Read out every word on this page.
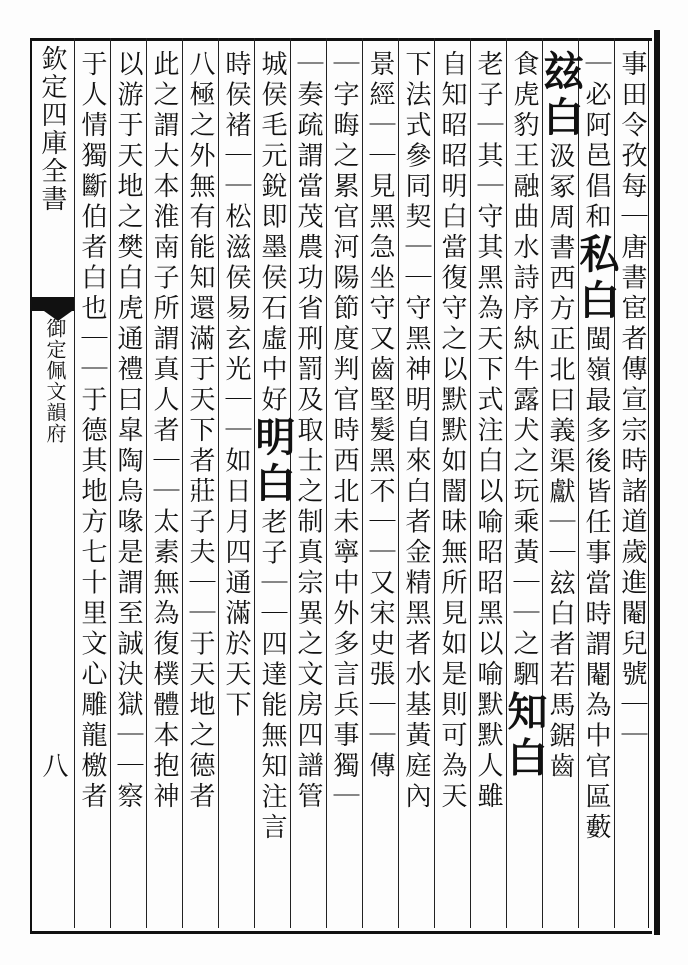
欽定四庫全書
御定佩文韻府
八
事田令孜每｜唐書宦者傳宣宗時諸道歲進閹兒號｜｜
｜必阿邑倡和私白閩嶺最多後皆任事當時謂閹為中官區藪
玆白汲冢周書西方正北曰義渠獻｜｜玆白者若馬鋸齒
食虎豹王融曲水詩序紈牛露犬之玩乘黃｜｜之駟知白
老子｜其｜守其黑為天下式注白以喻昭昭黑以喻默默人雖
自知昭昭明白當復守之以默默如闇昧無所見如是則可為天
下法式參同契｜｜守黑神明自來白者金精黑者水基黃庭內
景經｜｜見黑急坐守又齒堅髮黑不｜｜又宋史張｜｜傳
｜字晦之累官河陽節度判官時西北未寧中外多言兵事獨｜
｜奏疏謂當茂農功省刑罰及取士之制真宗異之文房四譜管
城侯毛元銳即墨侯石虛中好明白老子｜｜四達能無知注言
時侯褚｜｜松滋侯易玄光｜｜如日月四通滿於天下
八極之外無有能知還滿于天下者莊子夫｜｜于天地之德者
此之謂大本淮南子所謂真人者｜｜太素無為復樸體本抱神
以游于天地之樊白虎通禮曰皐陶烏喙是謂至誠決獄｜｜察
于人情獨斷伯者白也｜｜于德其地方七十里文心雕龍檄者
